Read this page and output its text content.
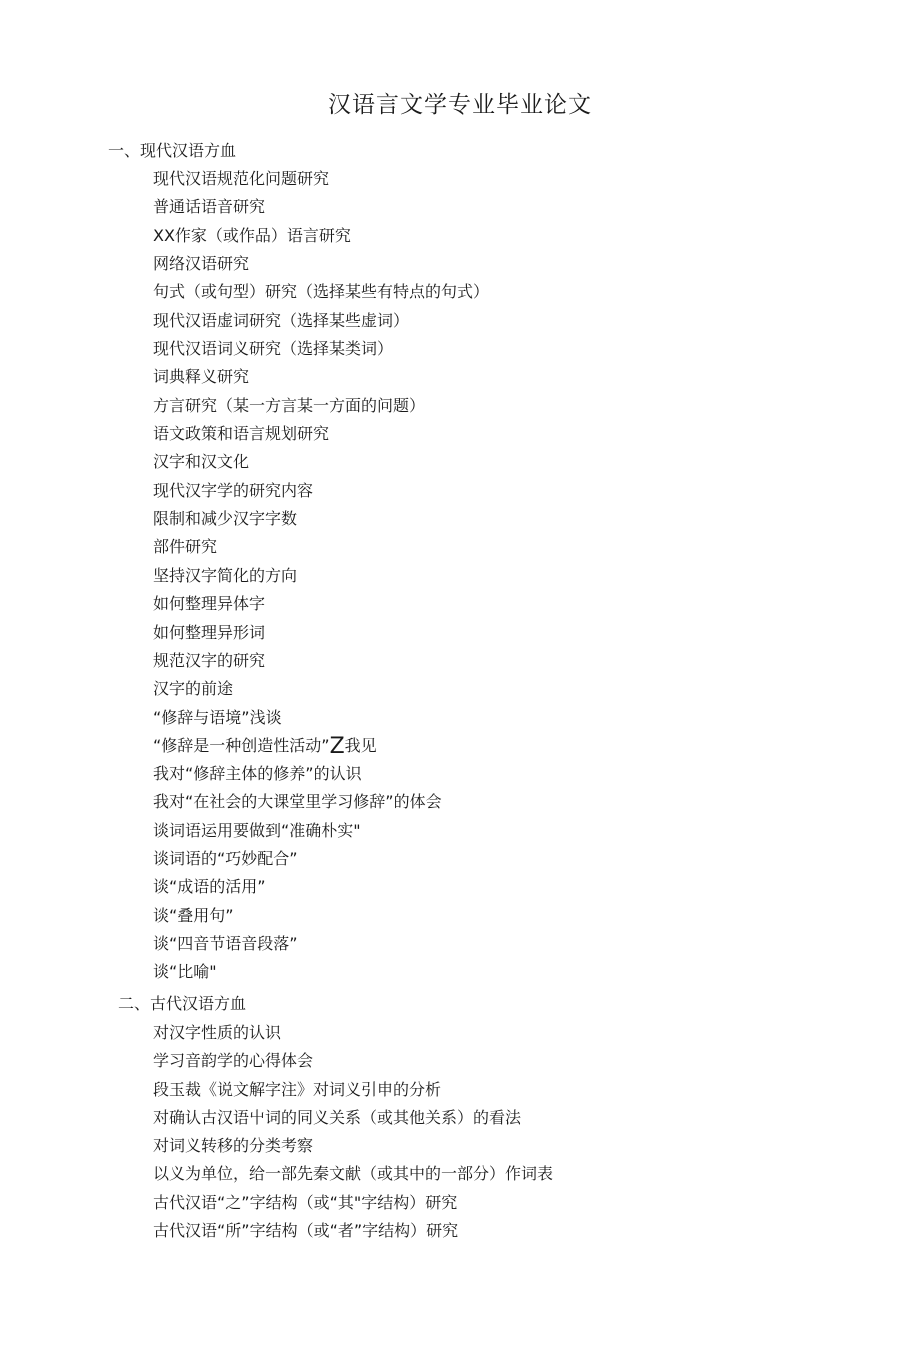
汉语言文学专业毕业论文
一、现代汉语方血
现代汉语规范化问题研究
普通话语音研究
XX作家（或作品）语言研究
网络汉语研究
句式（或句型）研究（选择某些有特点的句式）
现代汉语虚词研究（选择某些虚词）
现代汉语词义研究（选择某类词）
词典释义研究
方言研究（某一方言某一方面的问题）
语文政策和语言规划研究
汉字和汉文化
现代汉字学的研究内容
限制和减少汉字字数
部件研究
坚持汉字简化的方向
如何整理异体字
如何整理异形词
规范汉字的研究
汉字的前途
“修辞与语境”浅谈
“修辞是一种创造性活动”Z我见
我对“修辞主体的修养”的认识
我对“在社会的大课堂里学习修辞”的体会
谈词语运用要做到“准确朴实"
谈词语的“巧妙配合”
谈“成语的活用”
谈“叠用句”
谈“四音节语音段落”
谈“比喻"
二、古代汉语方血
对汉字性质的认识
学习音韵学的心得体会
段玉裁《说文解字注》对词义引申的分析
对确认古汉语屮词的同义关系（或其他关系）的看法
对词义转移的分类考察
以义为单位，给一部先秦文献（或其中的一部分）作词表
古代汉语“之”字结构（或“其"字结构）研究
古代汉语“所”字结构（或“者”字结构）研究
